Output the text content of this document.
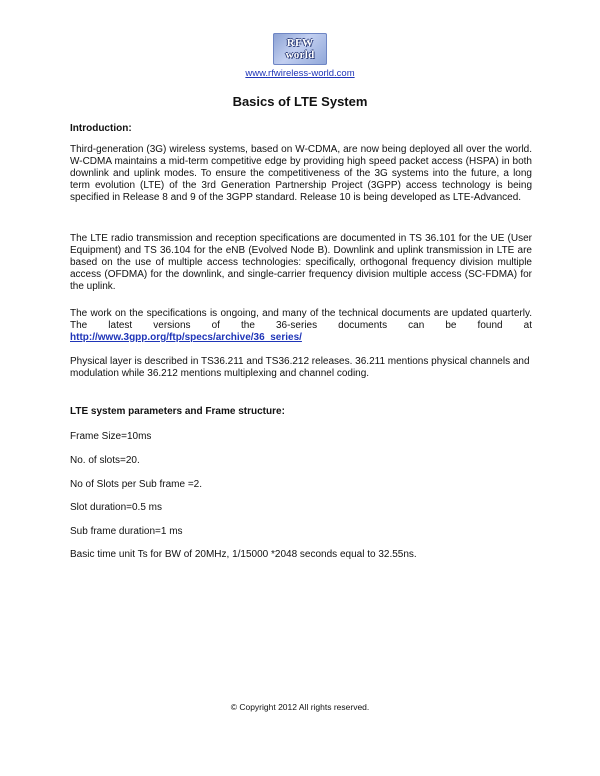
RFW
world
www.rfwireless-world.com
Basics of LTE System
Introduction:
Third-generation (3G) wireless systems, based on W-CDMA, are now being deployed all over the world. W-CDMA maintains a mid-term competitive edge by providing high speed packet access (HSPA) in both downlink and uplink modes. To ensure the competitiveness of the 3G systems into the future, a long term evolution (LTE) of the 3rd Generation Partnership Project (3GPP) access technology is being specified in Release 8 and 9 of the 3GPP standard. Release 10 is being developed as LTE-Advanced.
The LTE radio transmission and reception specifications are documented in TS 36.101 for the UE (User Equipment) and TS 36.104 for the eNB (Evolved Node B). Downlink and uplink transmission in LTE are based on the use of multiple access technologies: specifically, orthogonal frequency division multiple access (OFDMA) for the downlink, and single-carrier frequency division multiple access (SC-FDMA) for the uplink.
The work on the specifications is ongoing, and many of the technical documents are updated quarterly. The latest versions of the 36-series documents can be found at http://www.3gpp.org/ftp/specs/archive/36_series/
Physical layer is described in TS36.211 and TS36.212 releases. 36.211 mentions physical channels and modulation while 36.212 mentions multiplexing and channel coding.
LTE system parameters and Frame structure:
Frame Size=10ms
No. of slots=20.
No of Slots per Sub frame =2.
Slot duration=0.5 ms
Sub frame duration=1 ms
Basic time unit Ts for BW of 20MHz, 1/15000 *2048 seconds equal to 32.55ns.
© Copyright 2012 All rights reserved.
